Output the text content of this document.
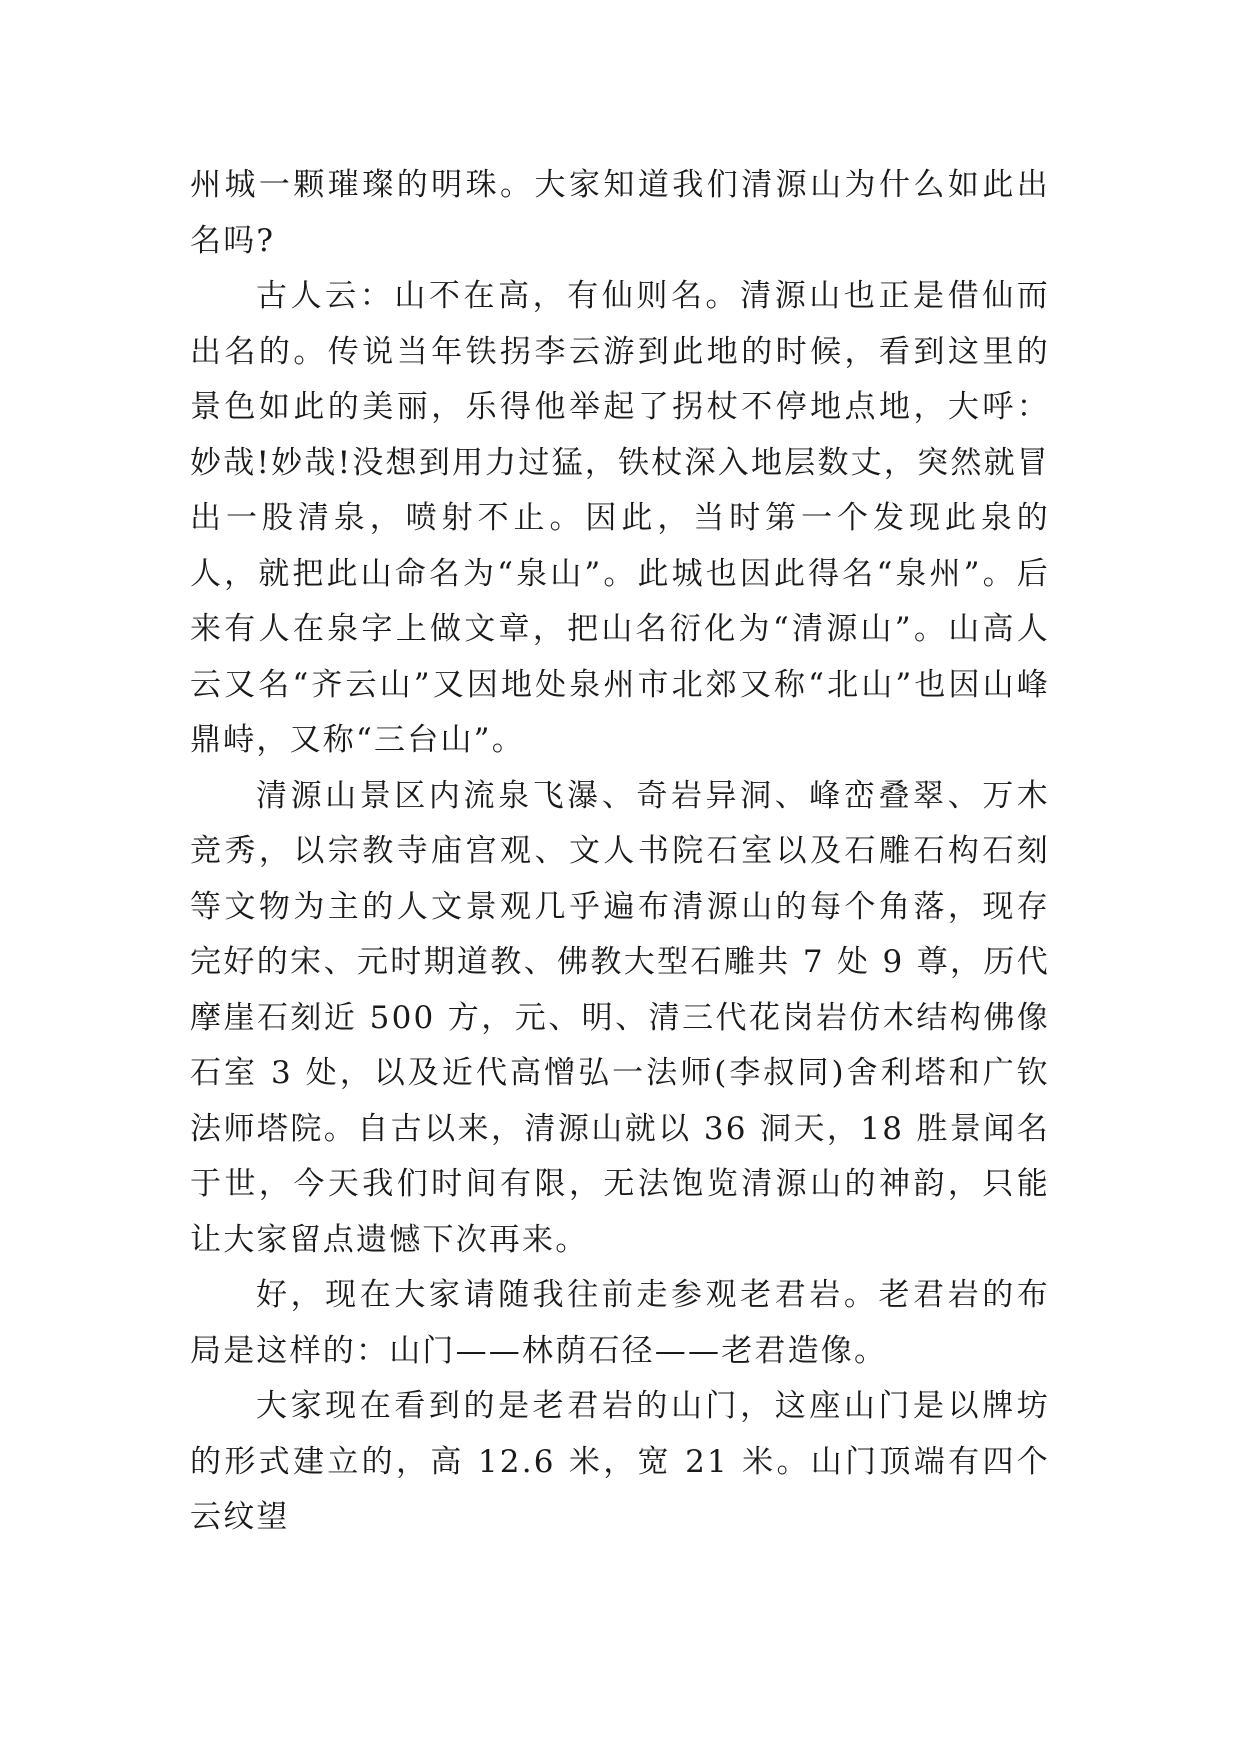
州城一颗璀璨的明珠。大家知道我们清源山为什么如此出名吗?

古人云：山不在高，有仙则名。清源山也正是借仙而出名的。传说当年铁拐李云游到此地的时候，看到这里的景色如此的美丽，乐得他举起了拐杖不停地点地，大呼：妙哉!妙哉!没想到用力过猛，铁杖深入地层数丈，突然就冒出一股清泉，喷射不止。因此，当时第一个发现此泉的人，就把此山命名为“泉山”。此城也因此得名“泉州”。后来有人在泉字上做文章，把山名衍化为“清源山”。山高人云又名“齐云山”又因地处泉州市北郊又称“北山”也因山峰鼎峙，又称“三台山”。

清源山景区内流泉飞瀑、奇岩异洞、峰峦叠翠、万木竞秀，以宗教寺庙宫观、文人书院石室以及石雕石构石刻等文物为主的人文景观几乎遍布清源山的每个角落，现存完好的宋、元时期道教、佛教大型石雕共 7 处 9 尊，历代摩崖石刻近 500 方，元、明、清三代花岗岩仿木结构佛像石室 3 处，以及近代高憎弘一法师(李叔同)舍利塔和广钦法师塔院。自古以来，清源山就以 36 洞天，18 胜景闻名于世，今天我们时间有限，无法饱览清源山的神韵，只能让大家留点遗憾下次再来。

好，现在大家请随我往前走参观老君岩。老君岩的布局是这样的：山门——林荫石径——老君造像。

大家现在看到的是老君岩的山门，这座山门是以牌坊的形式建立的，高 12.6 米，宽 21 米。山门顶端有四个云纹望
